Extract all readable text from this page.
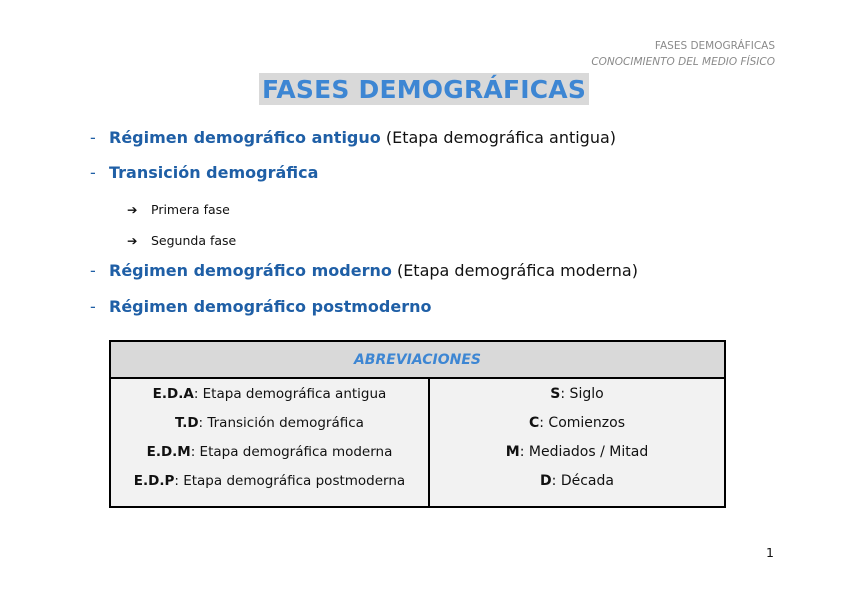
FASES DEMOGRÁFICAS
CONOCIMIENTO DEL MEDIO FÍSICO
FASES DEMOGRÁFICAS
- Régimen demográfico antiguo (Etapa demográfica antigua)
- Transición demográfica
➔ Primera fase
➔ Segunda fase
- Régimen demográfico moderno (Etapa demográfica moderna)
- Régimen demográfico postmoderno
ABREVIACIONES

E.D.A: Etapa demográfica antigua
T.D: Transición demográfica
E.D.M: Etapa demográfica moderna
E.D.P: Etapa demográfica postmoderna

S: Siglo
C: Comienzos
M: Mediados / Mitad
D: Década
1
